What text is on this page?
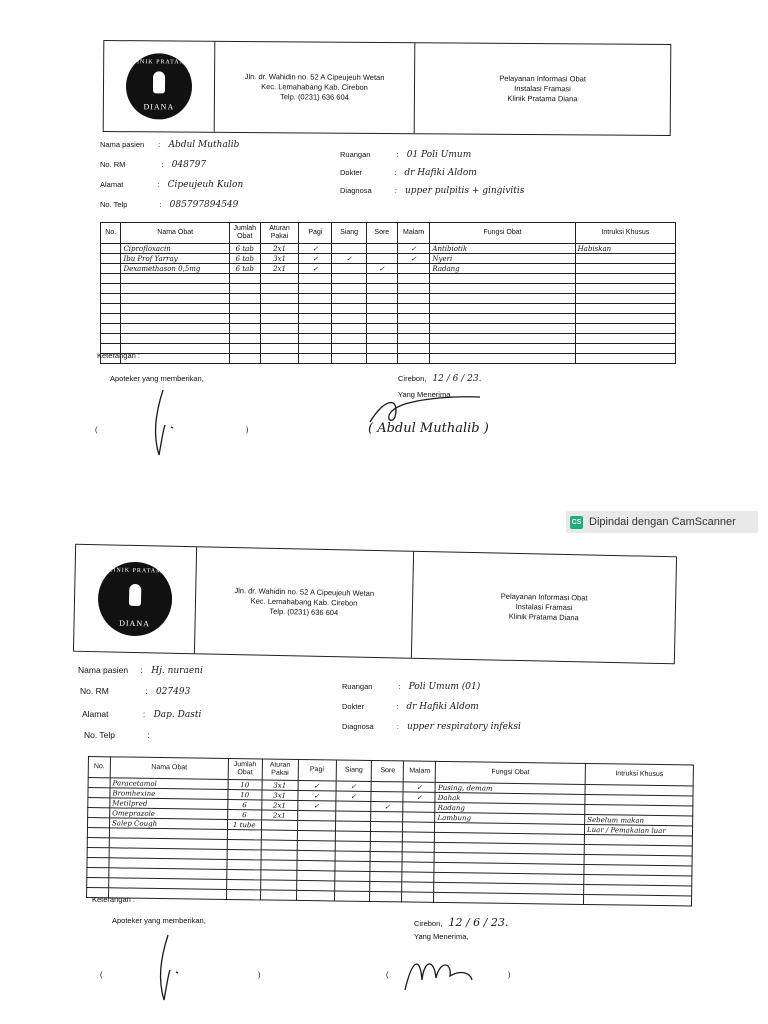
KLINIK PRATAMA
DIANA
Jln. dr. Wahidin no. 52 A Cipeujeuh Wetan
Kec. Lemahabang Kab. Cirebon
Telp. (0231) 636 604
Pelayanan Informasi Obat
Instalasi Framasi
Klinik Pratama Diana
Nama pasien : Abdul Muthalib
No. RM	: 048797
Alamat	: Cipeujeuh Kulon
No. Telp	: 085797894549
Ruangan	: 01 Poli Umum
Dokter	: dr Hafiki Aldom
Diagnosa	: upper pulpitis + gingivitis
No.	Nama Obat	Jumlah Obat	Aturan Pakai	Pagi	Siang	Sore	Malam	Fungsi Obat	Intruksi Khusus
	Ciprofloxacin	6 tab	2x1	✓			✓	Antibiotik	Habiskan
	Ibu Prof Yarray	6 tab	3x1	✓	✓		✓	Nyeri	
	Dexamethason 0,5mg	6 tab	2x1	✓		✓		Radang	

Keterangan :
Apoteker yang memberikan,	Cirebon, 12 / 6 / 23.
Yang Menerima,
(	)	( Abdul Muthalib )
CS Dipindai dengan CamScanner
KLINIK PRATAMA
DIANA
Jln. dr. Wahidin no. 52 A Cipeujeuh Wetan
Kec. Lemahabang Kab. Cirebon
Telp. (0231) 636 604
Pelayanan Informasi Obat
Instalasi Framasi
Klinik Pratama Diana
Nama pasien : Hj. nuraeni
No. RM	: 027493
Alamat	: Dap. Dasti
No. Telp	:
Ruangan	: Poli Umum (01)
Dokter	: dr Hafiki Aldom
Diagnosa	: upper respiratory infeksi
No.	Nama Obat	Jumlah Obat	Aturan Pakai	Pagi	Siang	Sore	Malam	Fungsi Obat	Intruksi Khusus
	Paracetamol	10	3x1	✓	✓		✓	Pusing, demam	
	Bromhexine	10	3x1	✓	✓		✓	Dahak	
	Metilpred	6	2x1	✓		✓		Radang	
	Omeprazole	6	2x1					Lambung	Sebelum makan
	Salep Cough	1 tube							Luar / Pemakaian luar

Keterangan :
Apoteker yang memberikan,	Cirebon, 12 / 6 / 23.
Yang Menerima,
(	)	(	)
